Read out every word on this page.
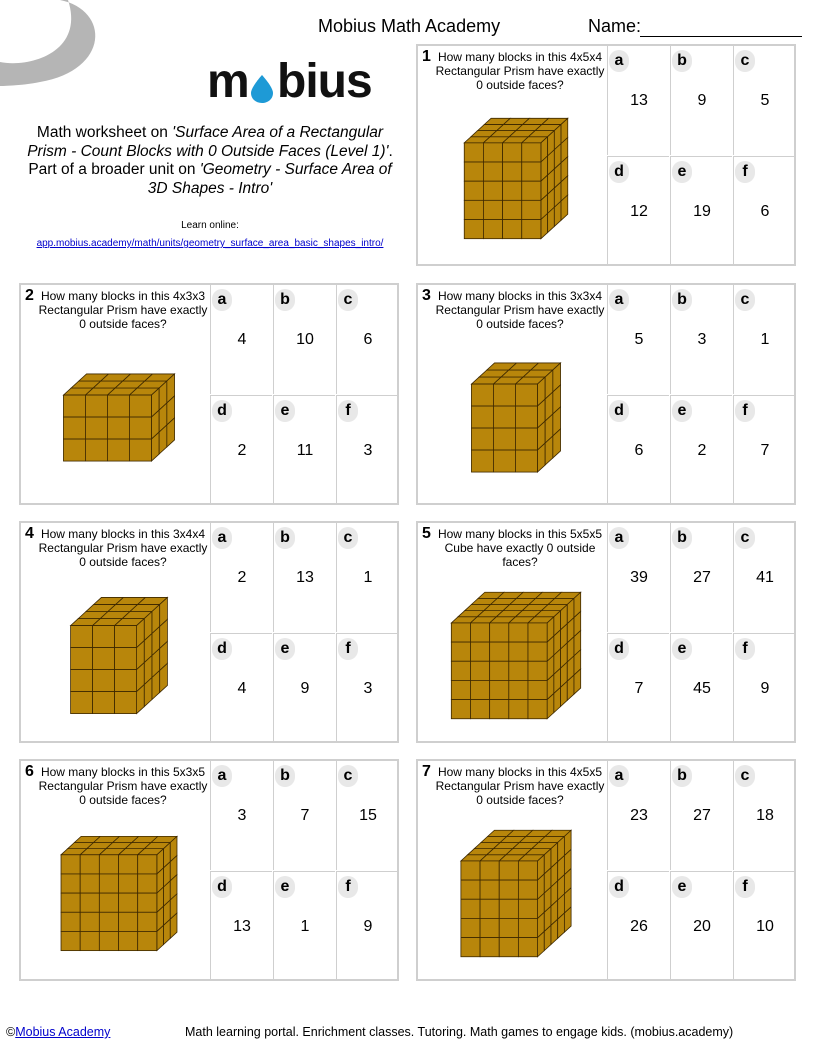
Mobius Math Academy	Name:
m bius
Math worksheet on 'Surface Area of a Rectangular Prism - Count Blocks with 0 Outside Faces (Level 1)'. Part of a broader unit on 'Geometry - Surface Area of 3D Shapes - Intro'
Learn online:
app.mobius.academy/math/units/geometry_surface_area_basic_shapes_intro/
1 How many blocks in this 4x5x4 Rectangular Prism have exactly 0 outside faces?
a
13
b
9
c
5
d
12
e
19
f
6
2 How many blocks in this 4x3x3 Rectangular Prism have exactly 0 outside faces?
a
4
b
10
c
6
d
2
e
11
f
3
3 How many blocks in this 3x3x4 Rectangular Prism have exactly 0 outside faces?
a
5
b
3
c
1
d
6
e
2
f
7
4 How many blocks in this 3x4x4 Rectangular Prism have exactly 0 outside faces?
a
2
b
13
c
1
d
4
e
9
f
3
5 How many blocks in this 5x5x5 Cube have exactly 0 outside faces?
a
39
b
27
c
41
d
7
e
45
f
9
6 How many blocks in this 5x3x5 Rectangular Prism have exactly 0 outside faces?
a
3
b
7
c
15
d
13
e
1
f
9
7 How many blocks in this 4x5x5 Rectangular Prism have exactly 0 outside faces?
a
23
b
27
c
18
d
26
e
20
f
10
©Mobius Academy	Math learning portal. Enrichment classes. Tutoring. Math games to engage kids. (mobius.academy)
